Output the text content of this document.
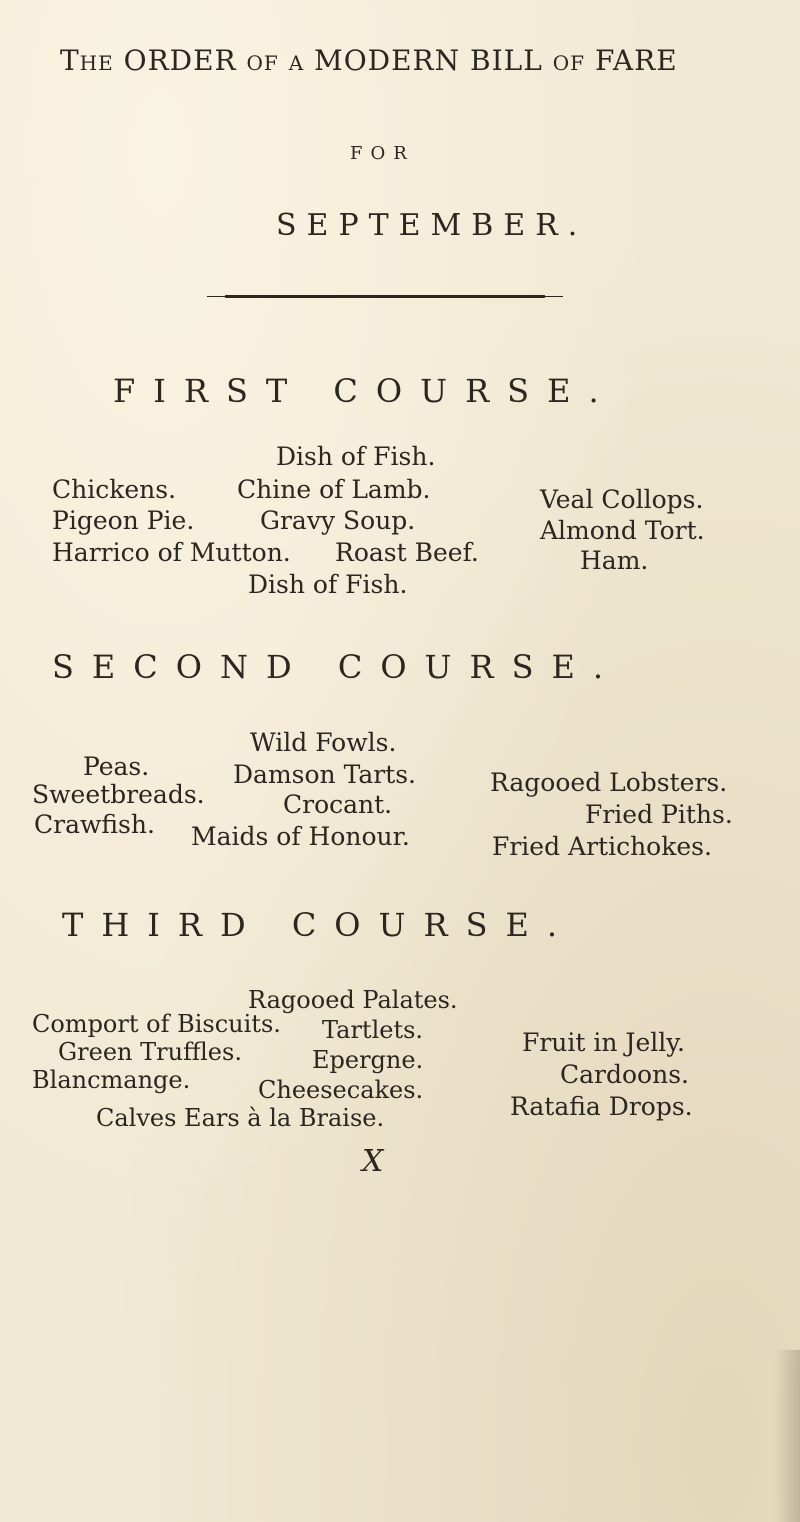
The ORDER of a MODERN BILL of FARE
FOR
SEPTEMBER.
FIRST COURSE.
Dish of Fish.
Chickens. Chine of Lamb.	Veal Collops.
Pigeon Pie.	Gravy Soup.	Almond Tort.
Harrico of Mutton. Roast Beef.	Ham.
Dish of Fish.
SECOND COURSE.
Wild Fowls.
Peas.	Damson Tarts.	Ragooed Lobsters.
Sweetbreads.	Crocant.	Fried Piths.
Crawfish. Maids of Honour.	Fried Artichokes.
THIRD COURSE.
Ragooed Palates.
Comport of Biscuits. Tartlets.	Fruit in Jelly.
Green Truffles.	Epergne.	Cardoons.
Blancmange.	Cheesecakes.
Ratafia Drops.
Calves Ears à la Braise.
X
